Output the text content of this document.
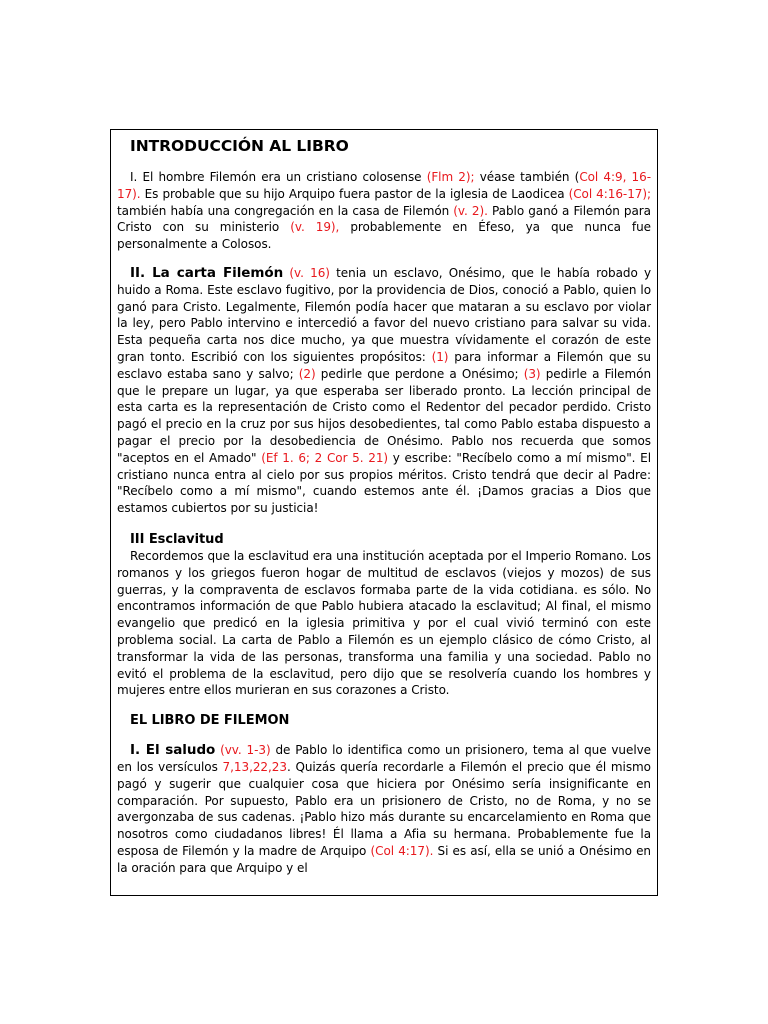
INTRODUCCIÓN AL LIBRO

I. El hombre Filemón era un cristiano colosense (Flm 2); véase también (Col 4:9, 16-17). Es probable que su hijo Arquipo fuera pastor de la iglesia de Laodicea (Col 4:16-17); también había una congregación en la casa de Filemón (v. 2). Pablo ganó a Filemón para Cristo con su ministerio (v. 19), probablemente en Éfeso, ya que nunca fue personalmente a Colosos.

II. La carta Filemón (v. 16) tenia un esclavo, Onésimo, que le había robado y huido a Roma. Este esclavo fugitivo, por la providencia de Dios, conoció a Pablo, quien lo ganó para Cristo. Legalmente, Filemón podía hacer que mataran a su esclavo por violar la ley, pero Pablo intervino e intercedió a favor del nuevo cristiano para salvar su vida. Esta pequeña carta nos dice mucho, ya que muestra vívidamente el corazón de este gran tonto. Escribió con los siguientes propósitos: (1) para informar a Filemón que su esclavo estaba sano y salvo; (2) pedirle que perdone a Onésimo; (3) pedirle a Filemón que le prepare un lugar, ya que esperaba ser liberado pronto. La lección principal de esta carta es la representación de Cristo como el Redentor del pecador perdido. Cristo pagó el precio en la cruz por sus hijos desobedientes, tal como Pablo estaba dispuesto a pagar el precio por la desobediencia de Onésimo. Pablo nos recuerda que somos "aceptos en el Amado" (Ef 1. 6; 2 Cor 5. 21) y escribe: "Recíbelo como a mí mismo". El cristiano nunca entra al cielo por sus propios méritos. Cristo tendrá que decir al Padre: "Recíbelo como a mí mismo", cuando estemos ante él. ¡Damos gracias a Dios que estamos cubiertos por su justicia!

III Esclavitud

Recordemos que la esclavitud era una institución aceptada por el Imperio Romano. Los romanos y los griegos fueron hogar de multitud de esclavos (viejos y mozos) de sus guerras, y la compraventa de esclavos formaba parte de la vida cotidiana. es sólo. No encontramos información de que Pablo hubiera atacado la esclavitud; Al final, el mismo evangelio que predicó en la iglesia primitiva y por el cual vivió terminó con este problema social. La carta de Pablo a Filemón es un ejemplo clásico de cómo Cristo, al transformar la vida de las personas, transforma una familia y una sociedad. Pablo no evitó el problema de la esclavitud, pero dijo que se resolvería cuando los hombres y mujeres entre ellos murieran en sus corazones a Cristo.

EL LIBRO DE FILEMON

I. El saludo (vv. 1-3) de Pablo lo identifica como un prisionero, tema al que vuelve en los versículos 7,13,22,23. Quizás quería recordarle a Filemón el precio que él mismo pagó y sugerir que cualquier cosa que hiciera por Onésimo sería insignificante en comparación. Por supuesto, Pablo era un prisionero de Cristo, no de Roma, y no se avergonzaba de sus cadenas. ¡Pablo hizo más durante su encarcelamiento en Roma que nosotros como ciudadanos libres! Él llama a Afia su hermana. Probablemente fue la esposa de Filemón y la madre de Arquipo (Col 4:17). Si es así, ella se unió a Onésimo en la oración para que Arquipo y el
